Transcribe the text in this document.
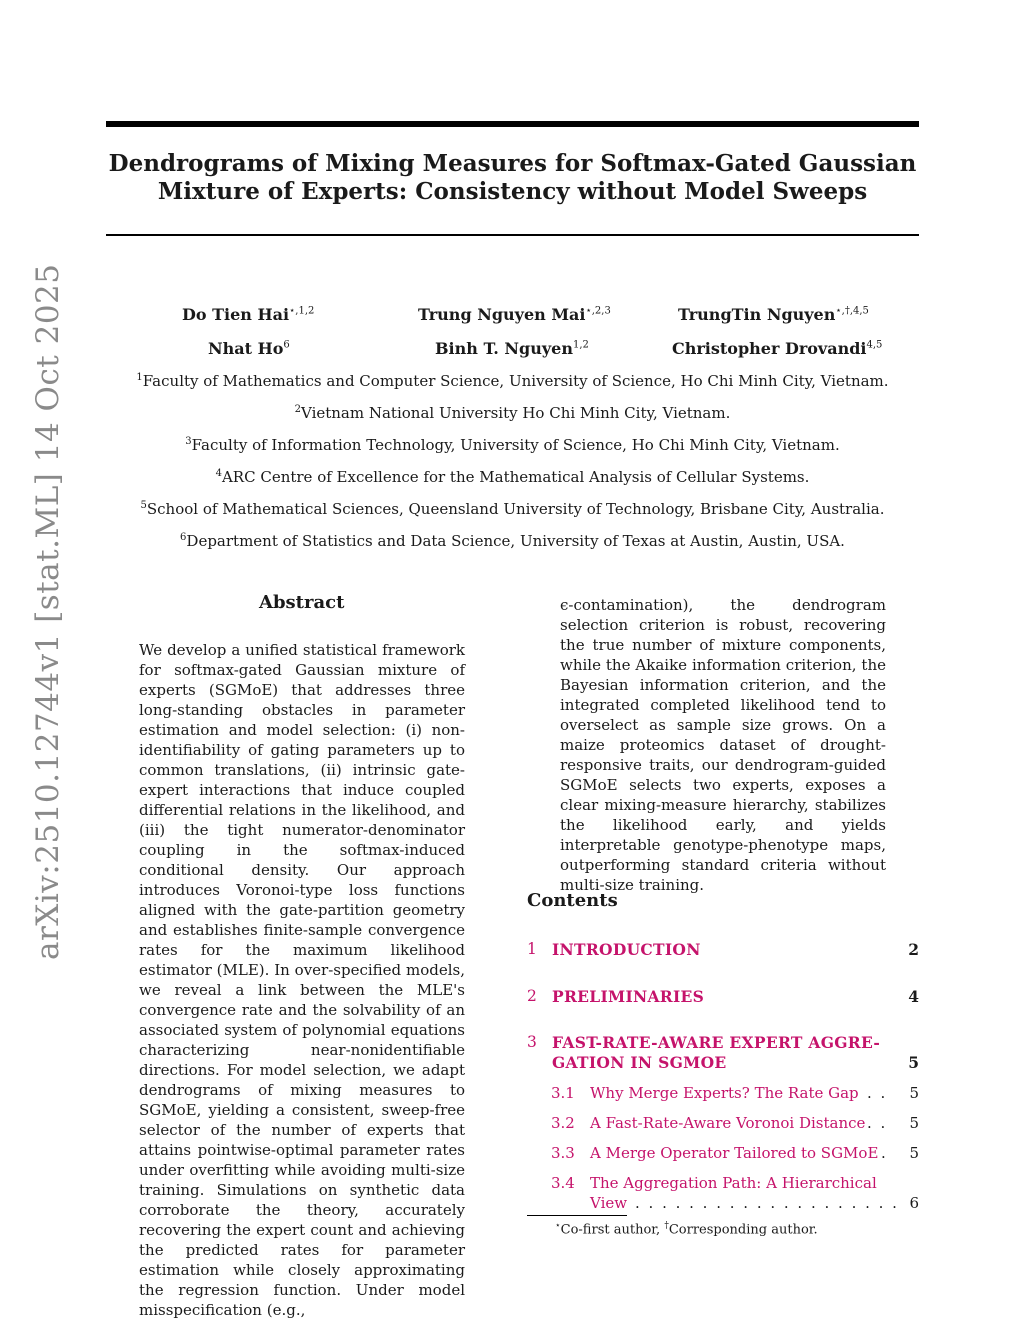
arXiv:2510.12744v1 [stat.ML] 14 Oct 2025
Dendrograms of Mixing Measures for Softmax-Gated Gaussian
Mixture of Experts: Consistency without Model Sweeps
Do Tien Hai$^{⋆,1,2}$	Trung Nguyen Mai$^{⋆,2,3}$	TrungTin Nguyen$^{⋆,\dagger,4,5}$
Nhat Ho$^6$	Binh T. Nguyen$^{1,2}$	Christopher Drovandi$^{4,5}$
$^1$Faculty of Mathematics and Computer Science, University of Science, Ho Chi Minh City, Vietnam.
$^2$Vietnam National University Ho Chi Minh City, Vietnam.
$^3$Faculty of Information Technology, University of Science, Ho Chi Minh City, Vietnam.
$^4$ARC Centre of Excellence for the Mathematical Analysis of Cellular Systems.
$^5$School of Mathematical Sciences, Queensland University of Technology, Brisbane City, Australia.
$^6$Department of Statistics and Data Science, University of Texas at Austin, Austin, USA.
Abstract
We develop a unified statistical framework for softmax-gated Gaussian mixture of experts (SGMoE) that addresses three long-standing obstacles in parameter estimation and model selection: (i) non-identifiability of gating parameters up to common translations, (ii) intrinsic gate-expert interactions that induce coupled differential relations in the likelihood, and (iii) the tight numerator-denominator coupling in the softmax-induced conditional density. Our approach introduces Voronoi-type loss functions aligned with the gate-partition geometry and establishes finite-sample convergence rates for the maximum likelihood estimator (MLE). In over-specified models, we reveal a link between the MLE's convergence rate and the solvability of an associated system of polynomial equations characterizing near-nonidentifiable directions. For model selection, we adapt dendrograms of mixing measures to SGMoE, yielding a consistent, sweep-free selector of the number of experts that attains pointwise-optimal parameter rates under overfitting while avoiding multi-size training. Simulations on synthetic data corroborate the theory, accurately recovering the expert count and achieving the predicted rates for parameter estimation while closely approximating the regression function. Under model misspecification (e.g.,
ϵ-contamination), the dendrogram selection criterion is robust, recovering the true number of mixture components, while the Akaike information criterion, the Bayesian information criterion, and the integrated completed likelihood tend to overselect as sample size grows. On a maize proteomics dataset of drought-responsive traits, our dendrogram-guided SGMoE selects two experts, exposes a clear mixing-measure hierarchy, stabilizes the likelihood early, and yields interpretable genotype-phenotype maps, outperforming standard criteria without multi-size training.
Contents
1 INTRODUCTION	2
2 PRELIMINARIES	4
3 FAST-RATE-AWARE EXPERT AGGRE-
GATION IN SGMOE	5
3.1 Why Merge Experts? The Rate Gap . . 5
3.2 A Fast-Rate-Aware Voronoi Distance . . 5
3.3 A Merge Operator Tailored to SGMoE . 5
3.4 The Aggregation Path: A Hierarchical
View . . . . . . . . . . . . . . . . . . . . 6
⋆Co-first author, †Corresponding author.
